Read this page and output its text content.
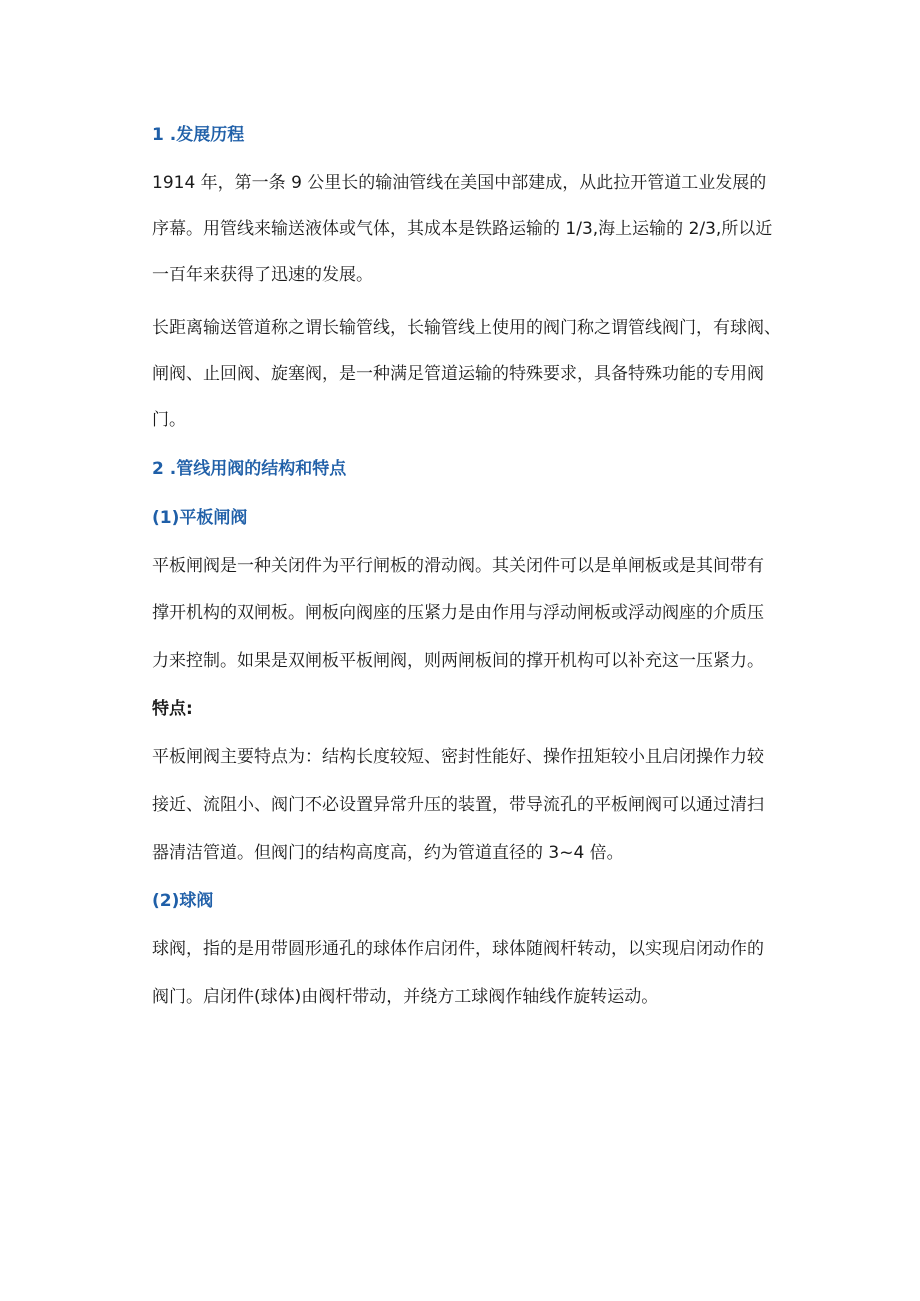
1 .发展历程

1914 年，第一条 9 公里长的输油管线在美国中部建成，从此拉开管道工业发展的

序幕。用管线来输送液体或气体，其成本是铁路运输的 1/3,海上运输的 2/3,所以近

一百年来获得了迅速的发展。

长距离输送管道称之谓长输管线，长输管线上使用的阀门称之谓管线阀门，有球阀、

闸阀、止回阀、旋塞阀，是一种满足管道运输的特殊要求，具备特殊功能的专用阀

门。

2 .管线用阀的结构和特点

(1)平板闸阀

平板闸阀是一种关闭件为平行闸板的滑动阀。其关闭件可以是单闸板或是其间带有

撑开机构的双闸板。闸板向阀座的压紧力是由作用与浮动闸板或浮动阀座的介质压

力来控制。如果是双闸板平板闸阀，则两闸板间的撑开机构可以补充这一压紧力。

特点:

平板闸阀主要特点为：结构长度较短、密封性能好、操作扭矩较小且启闭操作力较

接近、流阻小、阀门不必设置异常升压的装置，带导流孔的平板闸阀可以通过清扫

器清洁管道。但阀门的结构高度高，约为管道直径的 3~4 倍。

(2)球阀

球阀，指的是用带圆形通孔的球体作启闭件，球体随阀杆转动，以实现启闭动作的

阀门。启闭件(球体)由阀杆带动，并绕方工球阀作轴线作旋转运动。
